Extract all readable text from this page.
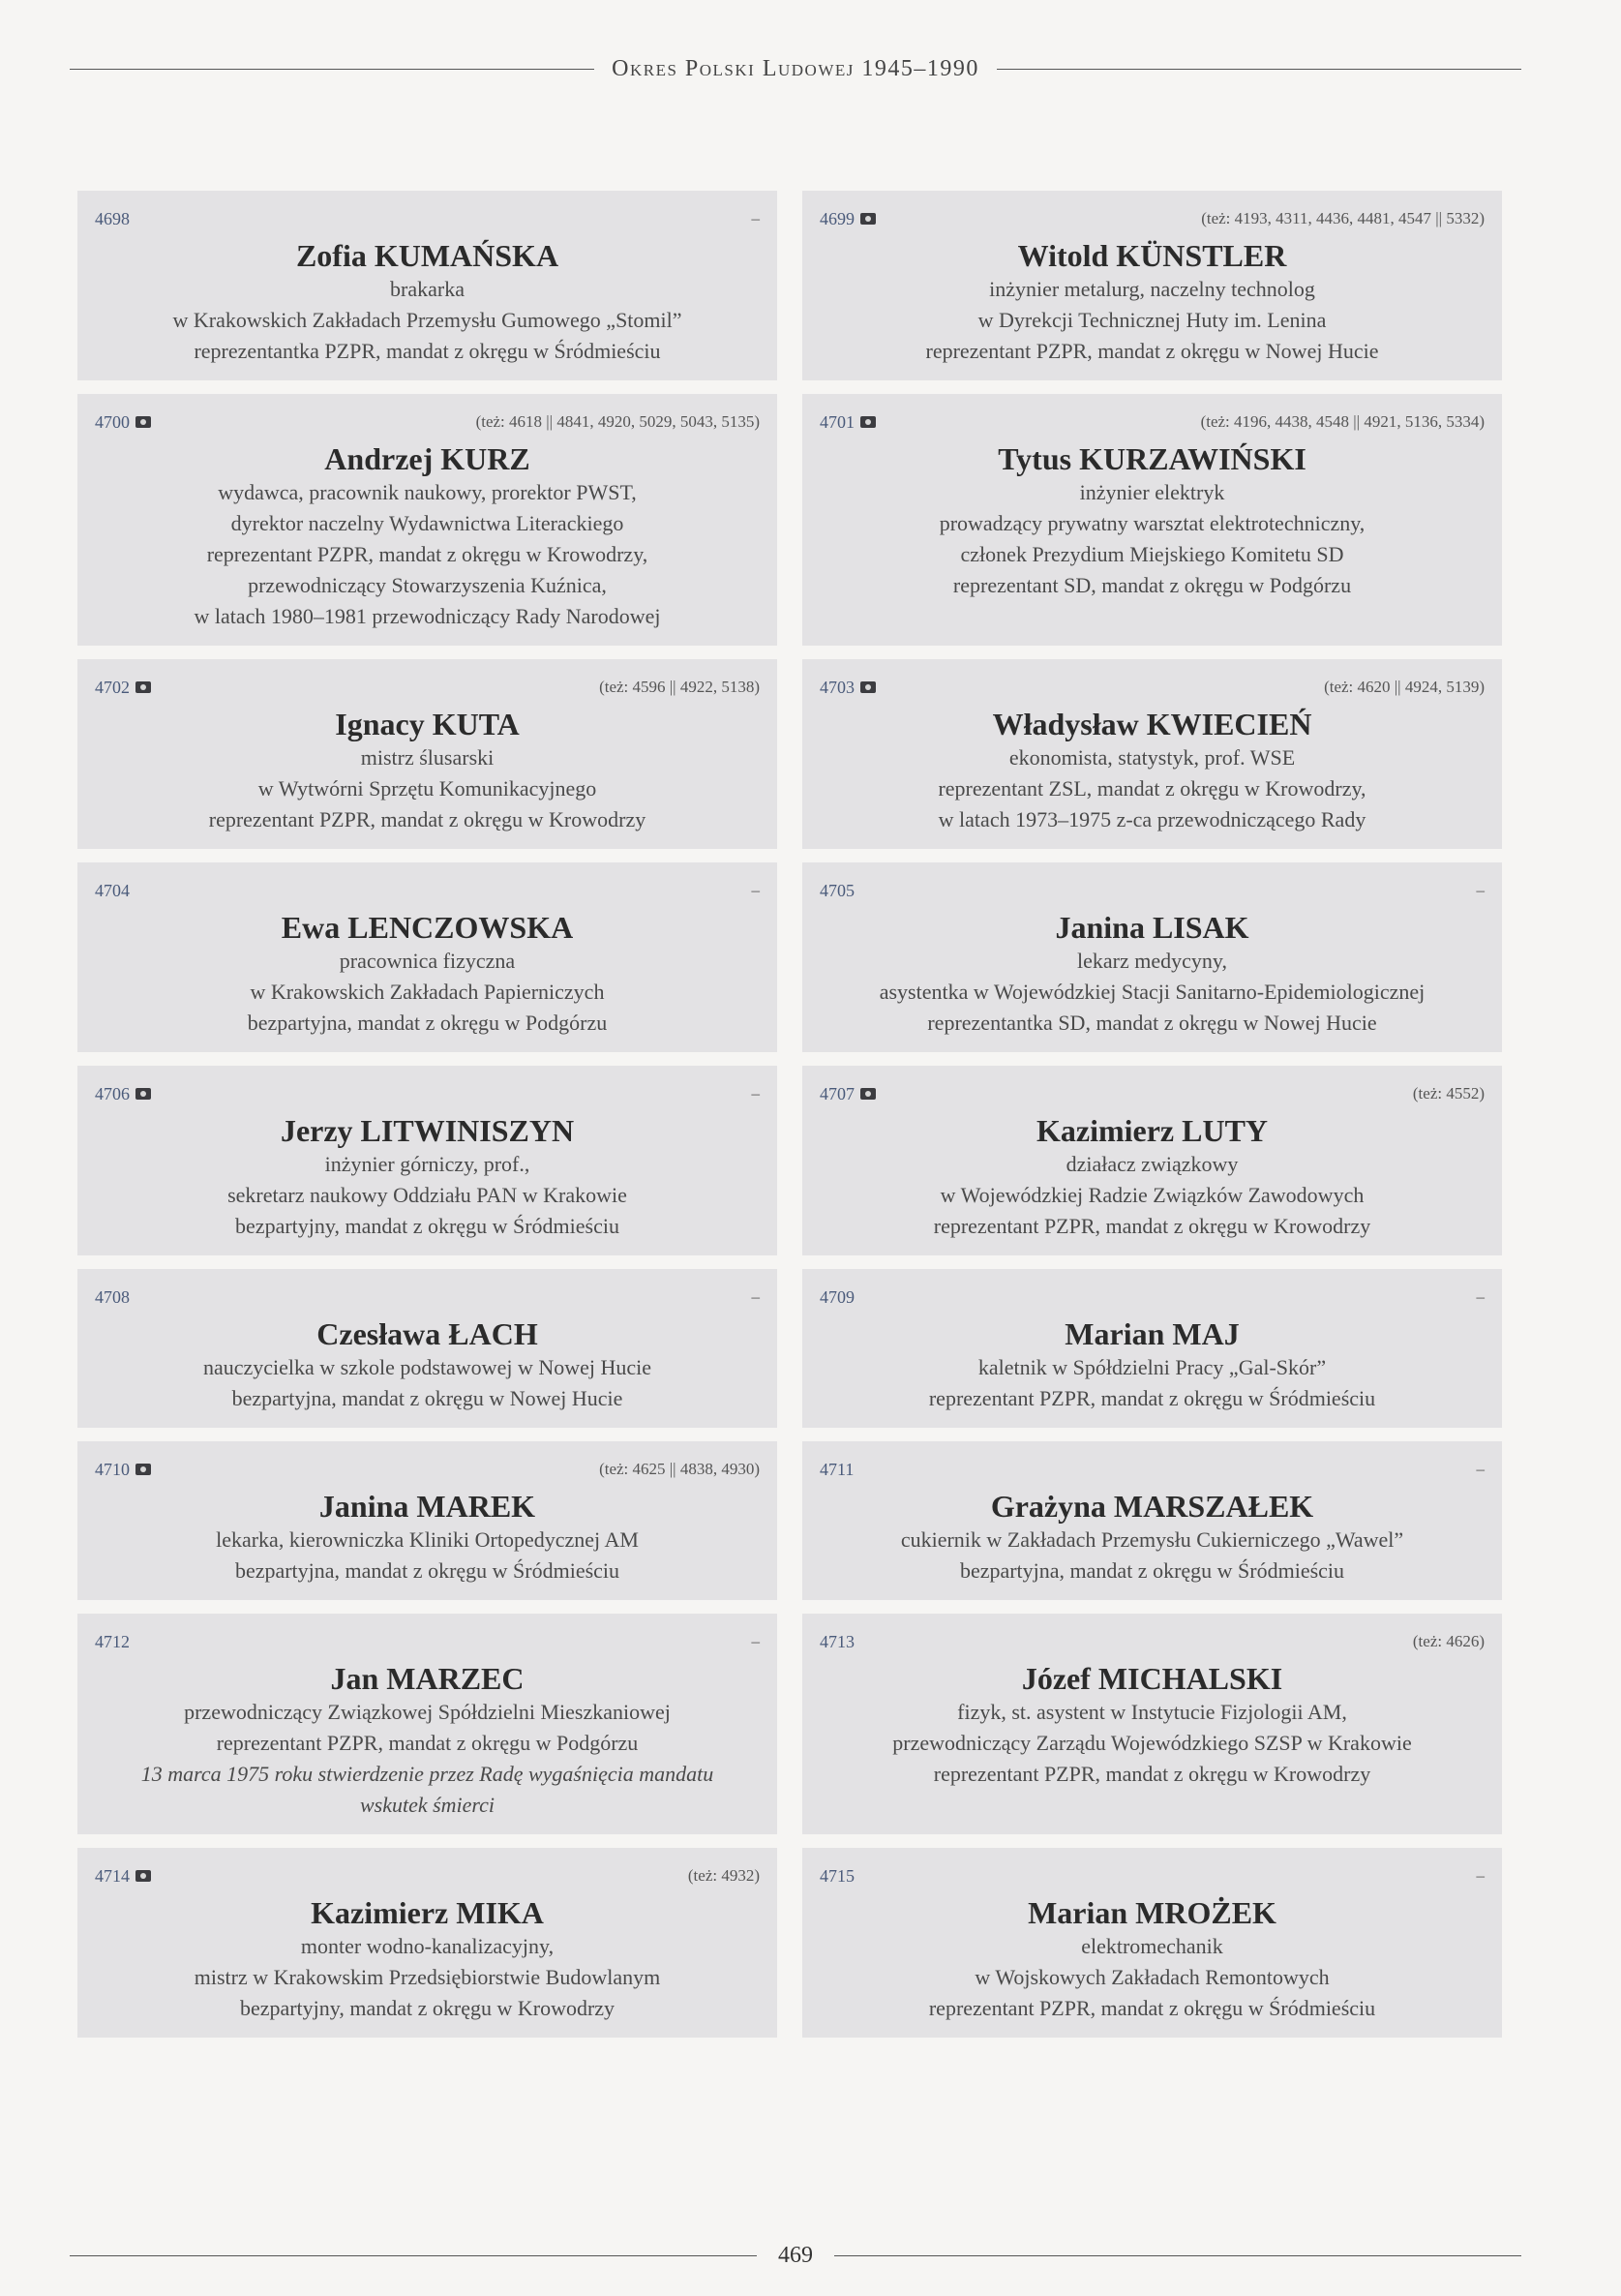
Okres Polski Ludowej 1945–1990
4698	–
Zofia KUMAŃSKA
brakarka
w Krakowskich Zakładach Przemysłu Gumowego „Stomil”
reprezentantka PZPR, mandat z okręgu w Śródmieściu
4699	(też: 4193, 4311, 4436, 4481, 4547 || 5332)
Witold KÜNSTLER
inżynier metalurg, naczelny technolog
w Dyrekcji Technicznej Huty im. Lenina
reprezentant PZPR, mandat z okręgu w Nowej Hucie
4700	(też: 4618 || 4841, 4920, 5029, 5043, 5135)
Andrzej KURZ
wydawca, pracownik naukowy, prorektor PWST,
dyrektor naczelny Wydawnictwa Literackiego
reprezentant PZPR, mandat z okręgu w Krowodrzy,
przewodniczący Stowarzyszenia Kuźnica,
w latach 1980–1981 przewodniczący Rady Narodowej
4701	(też: 4196, 4438, 4548 || 4921, 5136, 5334)
Tytus KURZAWIŃSKI
inżynier elektryk
prowadzący prywatny warsztat elektrotechniczny,
członek Prezydium Miejskiego Komitetu SD
reprezentant SD, mandat z okręgu w Podgórzu
4702	(też: 4596 || 4922, 5138)
Ignacy KUTA
mistrz ślusarski
w Wytwórni Sprzętu Komunikacyjnego
reprezentant PZPR, mandat z okręgu w Krowodrzy
4703	(też: 4620 || 4924, 5139)
Władysław KWIECIEŃ
ekonomista, statystyk, prof. WSE
reprezentant ZSL, mandat z okręgu w Krowodrzy,
w latach 1973–1975 z-ca przewodniczącego Rady
4704	–
Ewa LENCZOWSKA
pracownica fizyczna
w Krakowskich Zakładach Papierniczych
bezpartyjna, mandat z okręgu w Podgórzu
4705	–
Janina LISAK
lekarz medycyny,
asystentka w Wojewódzkiej Stacji Sanitarno-Epidemiologicznej
reprezentantka SD, mandat z okręgu w Nowej Hucie
4706	–
Jerzy LITWINISZYN
inżynier górniczy, prof.,
sekretarz naukowy Oddziału PAN w Krakowie
bezpartyjny, mandat z okręgu w Śródmieściu
4707	(też: 4552)
Kazimierz LUTY
działacz związkowy
w Wojewódzkiej Radzie Związków Zawodowych
reprezentant PZPR, mandat z okręgu w Krowodrzy
4708	–
Czesława ŁACH
nauczycielka w szkole podstawowej w Nowej Hucie
bezpartyjna, mandat z okręgu w Nowej Hucie
4709	–
Marian MAJ
kaletnik w Spółdzielni Pracy „Gal-Skór”
reprezentant PZPR, mandat z okręgu w Śródmieściu
4710	(też: 4625 || 4838, 4930)
Janina MAREK
lekarka, kierowniczka Kliniki Ortopedycznej AM
bezpartyjna, mandat z okręgu w Śródmieściu
4711	–
Grażyna MARSZAŁEK
cukiernik w Zakładach Przemysłu Cukierniczego „Wawel”
bezpartyjna, mandat z okręgu w Śródmieściu
4712	–
Jan MARZEC
przewodniczący Związkowej Spółdzielni Mieszkaniowej
reprezentant PZPR, mandat z okręgu w Podgórzu
13 marca 1975 roku stwierdzenie przez Radę wygaśnięcia mandatu
wskutek śmierci
4713	(też: 4626)
Józef MICHALSKI
fizyk, st. asystent w Instytucie Fizjologii AM,
przewodniczący Zarządu Wojewódzkiego SZSP w Krakowie
reprezentant PZPR, mandat z okręgu w Krowodrzy
4714	(też: 4932)
Kazimierz MIKA
monter wodno-kanalizacyjny,
mistrz w Krakowskim Przedsiębiorstwie Budowlanym
bezpartyjny, mandat z okręgu w Krowodrzy
4715	–
Marian MROŻEK
elektromechanik
w Wojskowych Zakładach Remontowych
reprezentant PZPR, mandat z okręgu w Śródmieściu
469
